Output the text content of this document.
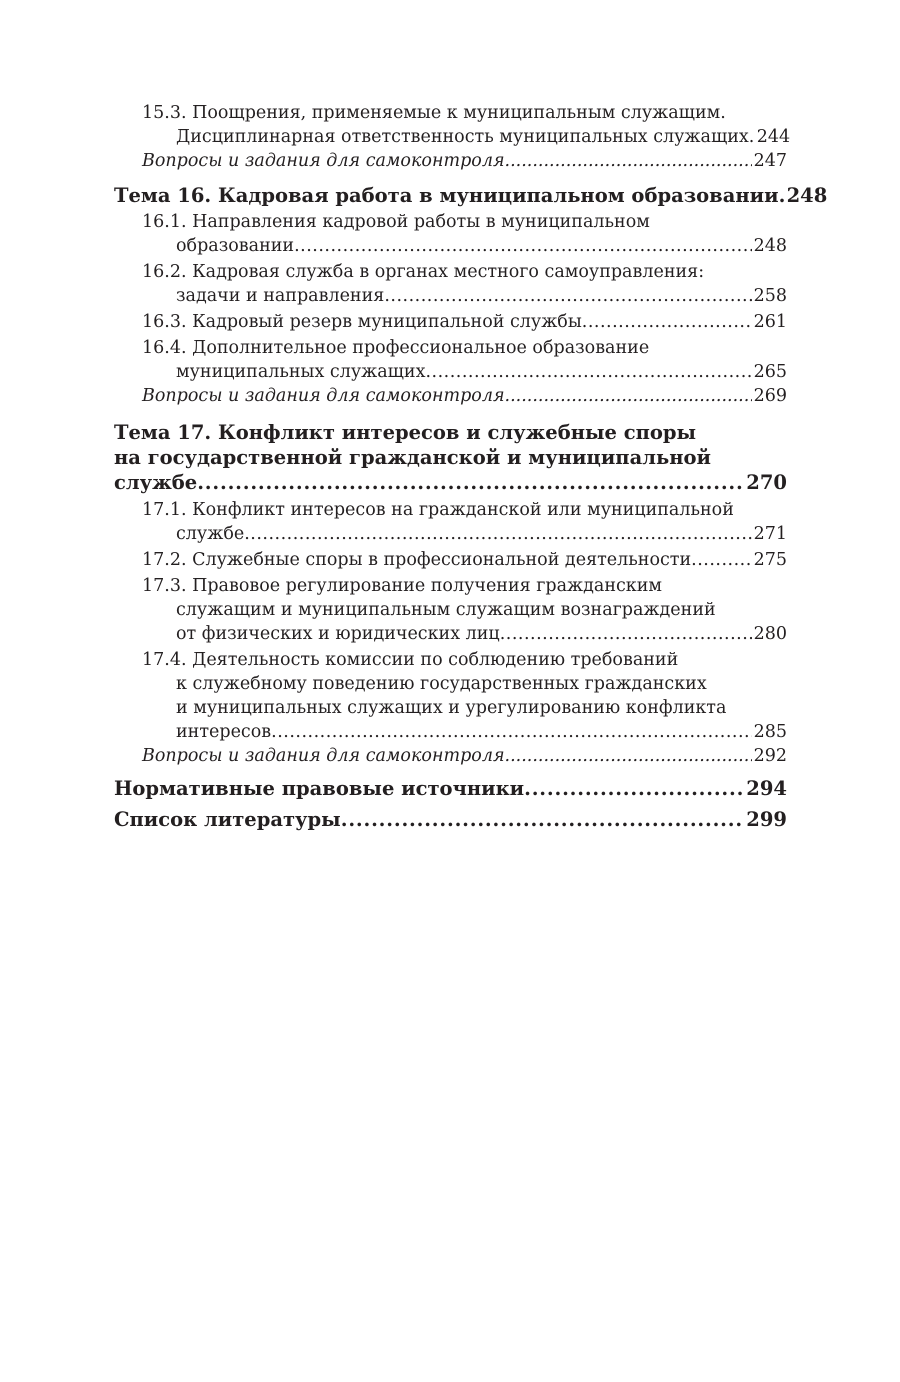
15.3. Поощрения, применяемые к муниципальным служащим.
Дисциплинарная ответственность муниципальных служащих ..... 244
Вопросы и задания для самоконтроля .....	247
Тема 16. Кадровая работа в муниципальном образовании ..... 248
16.1. Направления кадровой работы в муниципальном
образовании .....	248
16.2. Кадровая служба в органах местного самоуправления:
задачи и направления .....	258
16.3. Кадровый резерв муниципальной службы .....	261
16.4. Дополнительное профессиональное образование
муниципальных служащих .....	265
Вопросы и задания для самоконтроля .....	269
Тема 17. Конфликт интересов и служебные споры
на государственной гражданской и муниципальной
службе .....	270
17.1. Конфликт интересов на гражданской или муниципальной
службе .....	271
17.2. Служебные споры в профессиональной деятельности .....	275
17.3. Правовое регулирование получения гражданским
служащим и муниципальным служащим вознаграждений
от физических и юридических лиц .....	280
17.4. Деятельность комиссии по соблюдению требований
к служебному поведению государственных гражданских
и муниципальных служащих и урегулированию конфликта
интересов .....	285
Вопросы и задания для самоконтроля .....	292
Нормативные правовые источники .....	294
Список литературы .....	299
